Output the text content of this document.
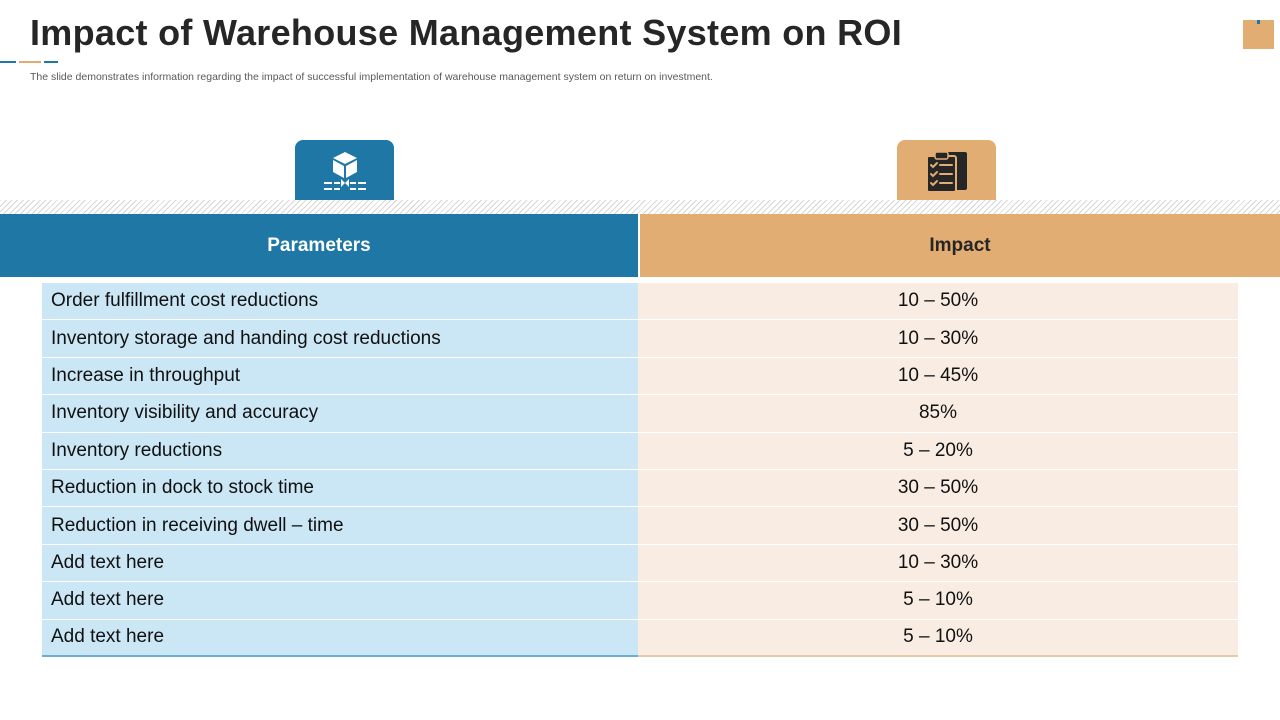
Impact of Warehouse Management System on ROI

The slide demonstrates information regarding the impact of successful implementation of warehouse management system on return on investment.

Parameters	Impact
Order fulfillment cost reductions	10 – 50%
Inventory storage and handing cost reductions	10 – 30%
Increase in throughput	10 – 45%
Inventory visibility and accuracy	85%
Inventory reductions	5 – 20%
Reduction in dock to stock time	30 – 50%
Reduction in receiving dwell – time	30 – 50%
Add text here	10 – 30%
Add text here	5 – 10%
Add text here	5 – 10%
